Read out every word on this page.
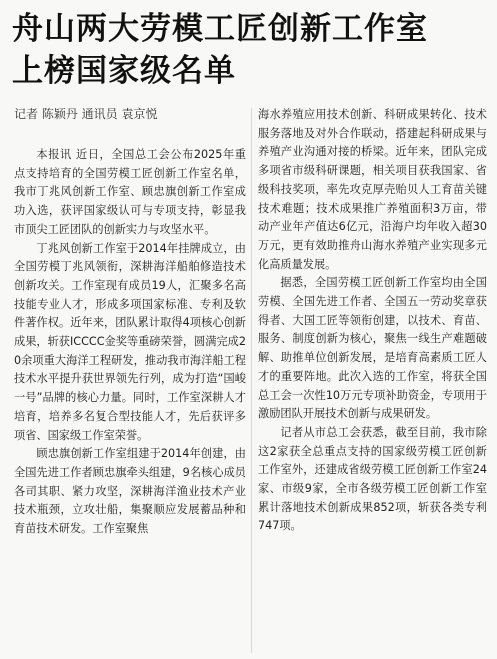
舟山两大劳模工匠创新工作室
上榜国家级名单
记者 陈颖丹 通讯员 袁京悦

本报讯 近日，全国总工会公布2025年重点支持培育的全国劳模工匠创新工作室名单，我市丁兆风创新工作室、顾忠旗创新工作室成功入选，获评国家级认可与专项支持，彰显我市顶尖工匠团队的创新实力与攻坚水平。

丁兆风创新工作室于2014年挂牌成立，由全国劳模丁兆风领衔，深耕海洋船舶修造技术创新攻关。工作室现有成员19人，汇聚多名高技能专业人才，形成多项国家标准、专利及软件著作权。近年来，团队累计取得4项核心创新成果，斩获ICCCC金奖等重磅荣誉，圆满完成20余项重大海洋工程研发，推动我市海洋船工程技术水平提升获世界领先行列，成为打造“国峻一号”品牌的核心力量。同时，工作室深耕人才培育，培养多名复合型技能人才，先后获评多项省、国家级工作室荣誉。

顾忠旗创新工作室组建于2014年创建，由全国先进工作者顾忠旗牵头组建，9名核心成员各司其职、紧力攻坚，深耕海洋渔业技术产业技术瓶颈，立攻壮船，集聚顺应发展蓄品种和育苗技术研发。工作室聚焦

海水养殖应用技术创新、科研成果转化、技术服务落地及对外合作联动，搭建起科研成果与养殖产业沟通对接的桥梁。近年来，团队完成多项省市级科研课题，相关项目获我国家、省级科技奖项，率先攻克厚壳贻贝人工育苗关键技术难题；技术成果推广养殖面积3万亩，带动产业年产值达6亿元，沿海户均年收入超30万元，更有效助推舟山海水养殖产业实现多元化高质量发展。

据悉，全国劳模工匠创新工作室均由全国劳模、全国先进工作者、全国五一劳动奖章获得者、大国工匠等领衔创建，以技术、育苗、服务、制度创新为核心，聚焦一线生产难题破解、助推单位创新发展，是培育高素质工匠人才的重要阵地。此次入选的工作室，将获全国总工会一次性10万元专项补助资金，专项用于激励团队开展技术创新与成果研发。

记者从市总工会获悉，截至目前，我市除这2家获全总重点支持的国家级劳模工匠创新工作室外，还建成省级劳模工匠创新工作室24家、市级9家，全市各级劳模工匠创新工作室累计落地技术创新成果852项，斩获各类专利747项。
